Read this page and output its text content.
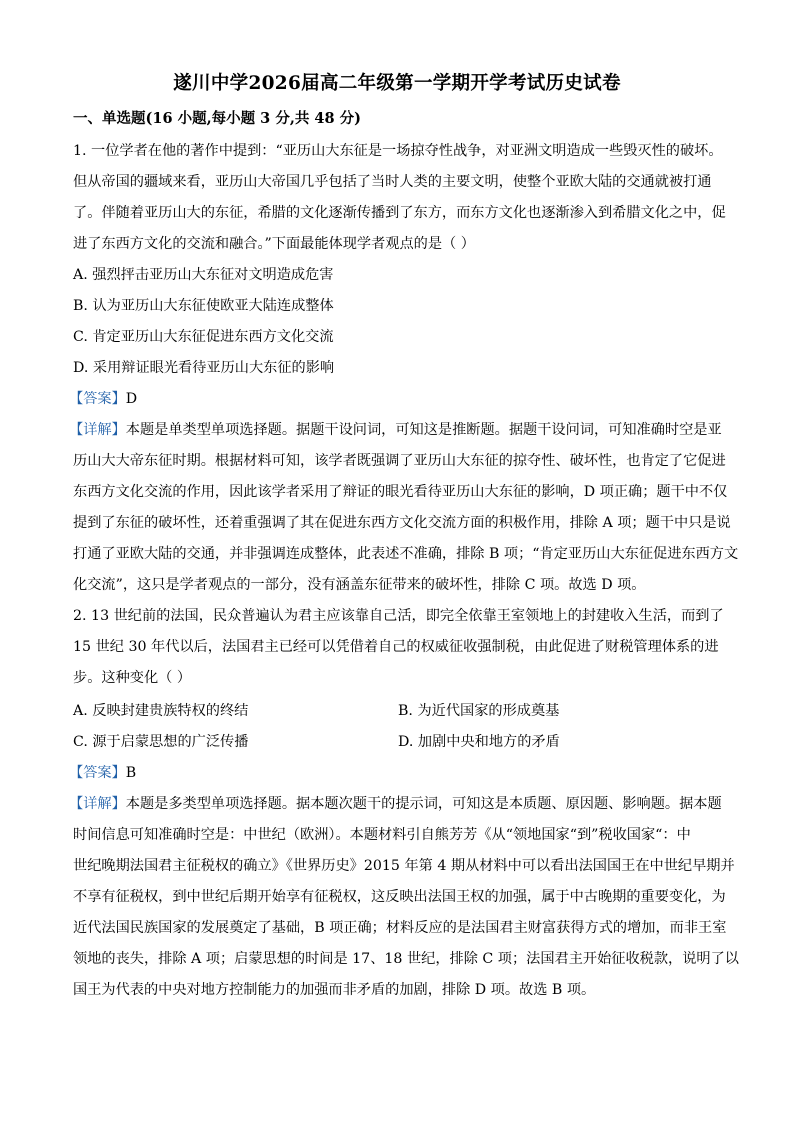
遂川中学2026届高二年级第一学期开学考试历史试卷
一、单选题(16 小题,每小题 3 分,共 48 分)
1. 一位学者在他的著作中提到：“亚历山大东征是一场掠夺性战争，对亚洲文明造成一些毁灭性的破坏。
但从帝国的疆域来看，亚历山大帝国几乎包括了当时人类的主要文明，使整个亚欧大陆的交通就被打通
了。伴随着亚历山大的东征，希腊的文化逐渐传播到了东方，而东方文化也逐渐渗入到希腊文化之中，促
进了东西方文化的交流和融合。”下面最能体现学者观点的是（ ）
A. 强烈抨击亚历山大东征对文明造成危害
B. 认为亚历山大东征使欧亚大陆连成整体
C. 肯定亚历山大东征促进东西方文化交流
D. 采用辩证眼光看待亚历山大东征的影响
【答案】D
【详解】本题是单类型单项选择题。据题干设问词，可知这是推断题。据题干设问词，可知准确时空是亚
历山大大帝东征时期。根据材料可知，该学者既强调了亚历山大东征的掠夺性、破坏性，也肯定了它促进
东西方文化交流的作用，因此该学者采用了辩证的眼光看待亚历山大东征的影响，D 项正确；题干中不仅
提到了东征的破坏性，还着重强调了其在促进东西方文化交流方面的积极作用，排除 A 项；题干中只是说
打通了亚欧大陆的交通，并非强调连成整体，此表述不准确，排除 B 项；“肯定亚历山大东征促进东西方文
化交流”，这只是学者观点的一部分，没有涵盖东征带来的破坏性，排除 C 项。故选 D 项。
2. 13 世纪前的法国，民众普遍认为君主应该靠自己活，即完全依靠王室领地上的封建收入生活，而到了
15 世纪 30 年代以后，法国君主已经可以凭借着自己的权威征收强制税，由此促进了财税管理体系的进
步。这种变化（ ）
A. 反映封建贵族特权的终结	B. 为近代国家的形成奠基
C. 源于启蒙思想的广泛传播	D. 加剧中央和地方的矛盾
【答案】B
【详解】本题是多类型单项选择题。据本题次题干的提示词，可知这是本质题、原因题、影响题。据本题
时间信息可知准确时空是：中世纪（欧洲）。本题材料引自熊芳芳《从“领地国家“到”税收国家“：中
世纪晚期法国君主征税权的确立》《世界历史》2015 年第 4 期从材料中可以看出法国国王在中世纪早期并
不享有征税权，到中世纪后期开始享有征税权，这反映出法国王权的加强，属于中古晚期的重要变化，为
近代法国民族国家的发展奠定了基础，B 项正确；材料反应的是法国君主财富获得方式的增加，而非王室
领地的丧失，排除 A 项；启蒙思想的时间是 17、18 世纪，排除 C 项；法国君主开始征收税款，说明了以
国王为代表的中央对地方控制能力的加强而非矛盾的加剧，排除 D 项。故选 B 项。
